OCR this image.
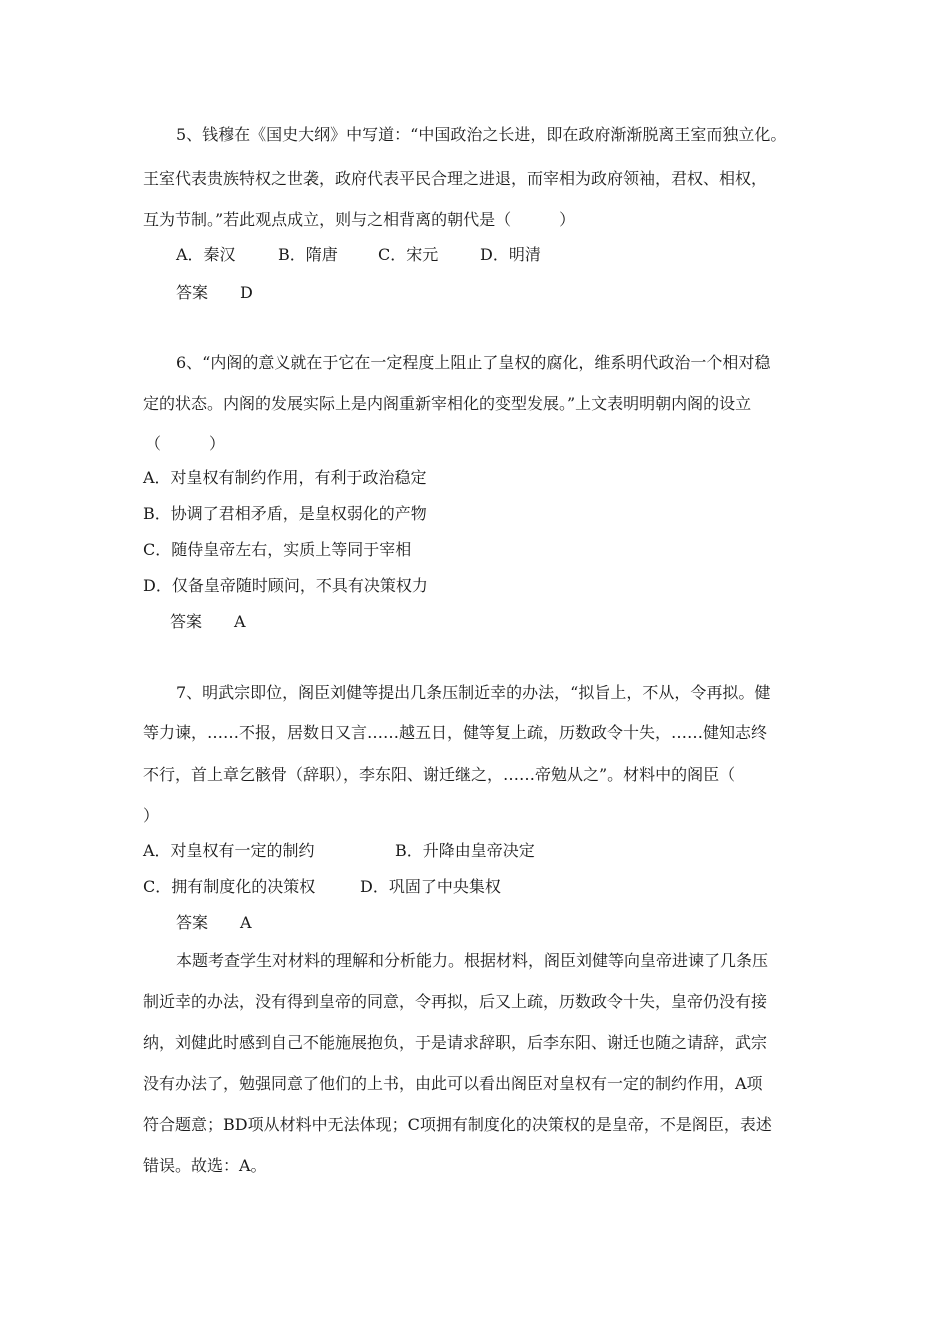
5、钱穆在《国史大纲》中写道：“中国政治之长进，即在政府渐渐脱离王室而独立化。
王室代表贵族特权之世袭，政府代表平民合理之进退，而宰相为政府领袖，君权、相权，
互为节制。”若此观点成立，则与之相背离的朝代是（　　　）
A．秦汉	B．隋唐	C．宋元	D．明清
答案　　D
6、“内阁的意义就在于它在一定程度上阻止了皇权的腐化，维系明代政治一个相对稳
定的状态。内阁的发展实际上是内阁重新宰相化的变型发展。”上文表明明朝内阁的设立
（　　　）
A．对皇权有制约作用，有利于政治稳定
B．协调了君相矛盾，是皇权弱化的产物
C．随侍皇帝左右，实质上等同于宰相
D．仅备皇帝随时顾问，不具有决策权力
答案　　A
7、明武宗即位，阁臣刘健等提出几条压制近幸的办法，“拟旨上，不从，令再拟。健
等力谏，……不报，居数日又言……越五日，健等复上疏，历数政令十失，……健知志终
不行，首上章乞骸骨（辞职），李东阳、谢迁继之，……帝勉从之”。材料中的阁臣（
）
A．对皇权有一定的制约	B．升降由皇帝决定
C．拥有制度化的决策权	D．巩固了中央集权
答案　　A
本题考查学生对材料的理解和分析能力。根据材料，阁臣刘健等向皇帝进谏了几条压
制近幸的办法，没有得到皇帝的同意，令再拟，后又上疏，历数政令十失，皇帝仍没有接
纳，刘健此时感到自己不能施展抱负，于是请求辞职，后李东阳、谢迁也随之请辞，武宗
没有办法了，勉强同意了他们的上书，由此可以看出阁臣对皇权有一定的制约作用，A项
符合题意；BD项从材料中无法体现；C项拥有制度化的决策权的是皇帝，不是阁臣，表述
错误。故选：A。
